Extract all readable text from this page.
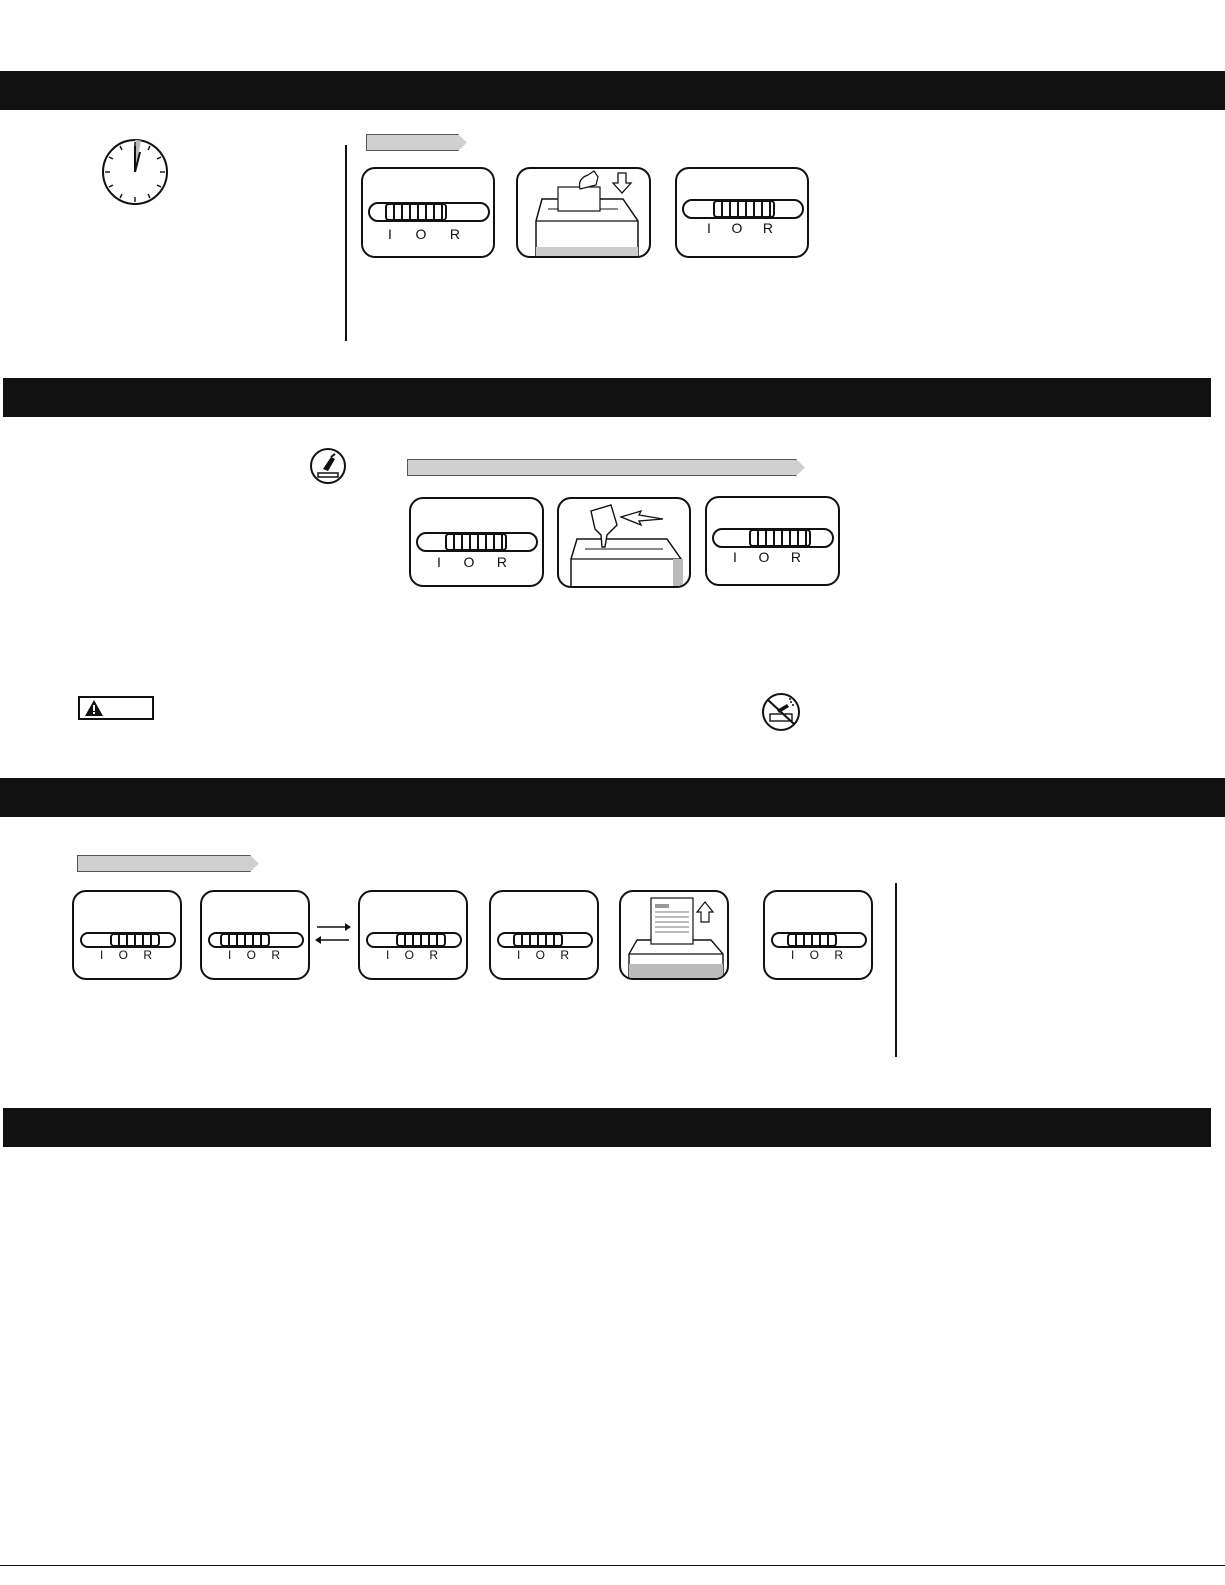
I O R	I O R
I O R	I O R
I O R	I O R	I O R	I O R	I O R
